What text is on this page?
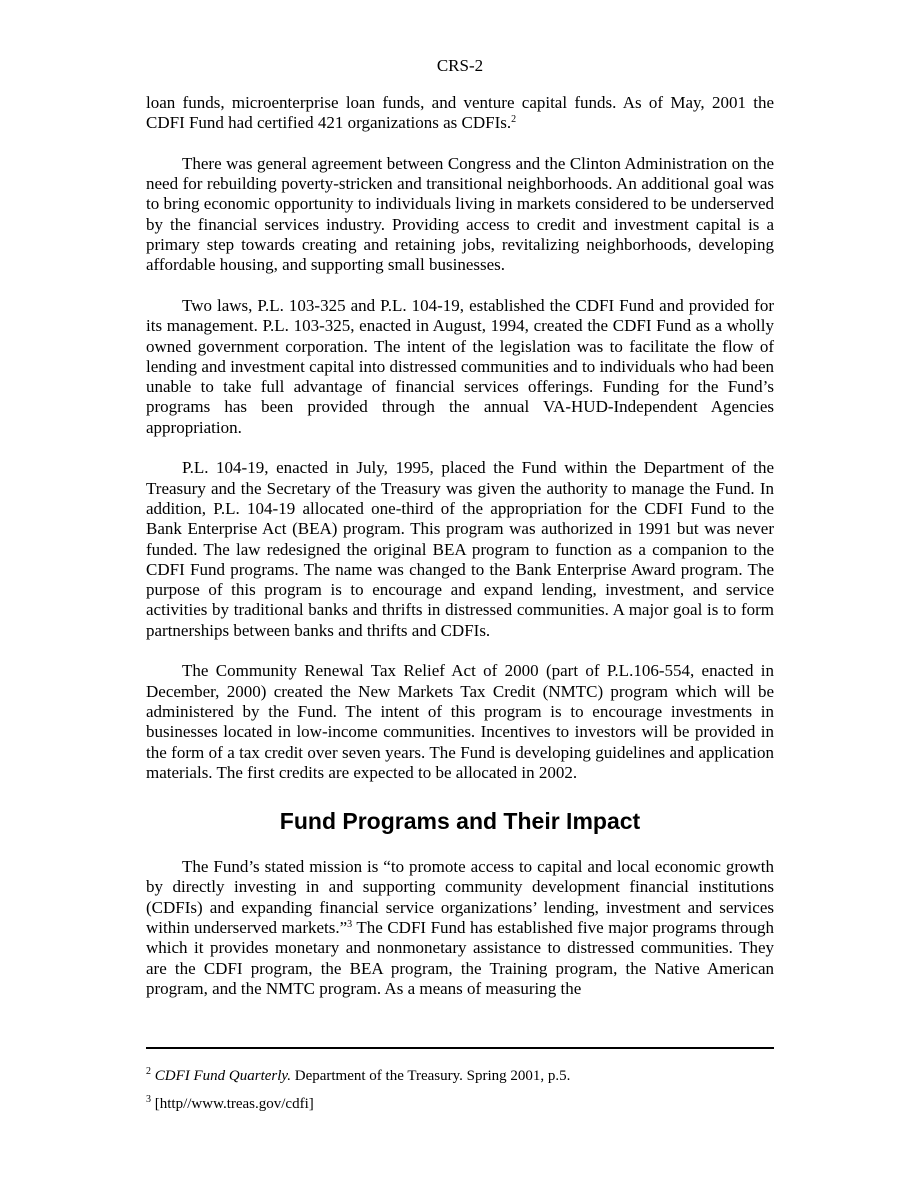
CRS-2

loan funds, microenterprise loan funds, and venture capital funds. As of May, 2001 the CDFI Fund had certified 421 organizations as CDFIs.$^2$

There was general agreement between Congress and the Clinton Administration on the need for rebuilding poverty-stricken and transitional neighborhoods. An additional goal was to bring economic opportunity to individuals living in markets considered to be underserved by the financial services industry. Providing access to credit and investment capital is a primary step towards creating and retaining jobs, revitalizing neighborhoods, developing affordable housing, and supporting small businesses.

Two laws, P.L. 103-325 and P.L. 104-19, established the CDFI Fund and provided for its management. P.L. 103-325, enacted in August, 1994, created the CDFI Fund as a wholly owned government corporation. The intent of the legislation was to facilitate the flow of lending and investment capital into distressed communities and to individuals who had been unable to take full advantage of financial services offerings. Funding for the Fund’s programs has been provided through the annual VA-HUD-Independent Agencies appropriation.

P.L. 104-19, enacted in July, 1995, placed the Fund within the Department of the Treasury and the Secretary of the Treasury was given the authority to manage the Fund. In addition, P.L. 104-19 allocated one-third of the appropriation for the CDFI Fund to the Bank Enterprise Act (BEA) program. This program was authorized in 1991 but was never funded. The law redesigned the original BEA program to function as a companion to the CDFI Fund programs. The name was changed to the Bank Enterprise Award program. The purpose of this program is to encourage and expand lending, investment, and service activities by traditional banks and thrifts in distressed communities. A major goal is to form partnerships between banks and thrifts and CDFIs.

The Community Renewal Tax Relief Act of 2000 (part of P.L.106-554, enacted in December, 2000) created the New Markets Tax Credit (NMTC) program which will be administered by the Fund. The intent of this program is to encourage investments in businesses located in low-income communities. Incentives to investors will be provided in the form of a tax credit over seven years. The Fund is developing guidelines and application materials. The first credits are expected to be allocated in 2002.

Fund Programs and Their Impact

The Fund’s stated mission is “to promote access to capital and local economic growth by directly investing in and supporting community development financial institutions (CDFIs) and expanding financial service organizations’ lending, investment and services within underserved markets.”$^3$ The CDFI Fund has established five major programs through which it provides monetary and nonmonetary assistance to distressed communities. They are the CDFI program, the BEA program, the Training program, the Native American program, and the NMTC program. As a means of measuring the

$^2$ CDFI Fund Quarterly. Department of the Treasury. Spring 2001, p.5.

$^3$ [http//www.treas.gov/cdfi]
